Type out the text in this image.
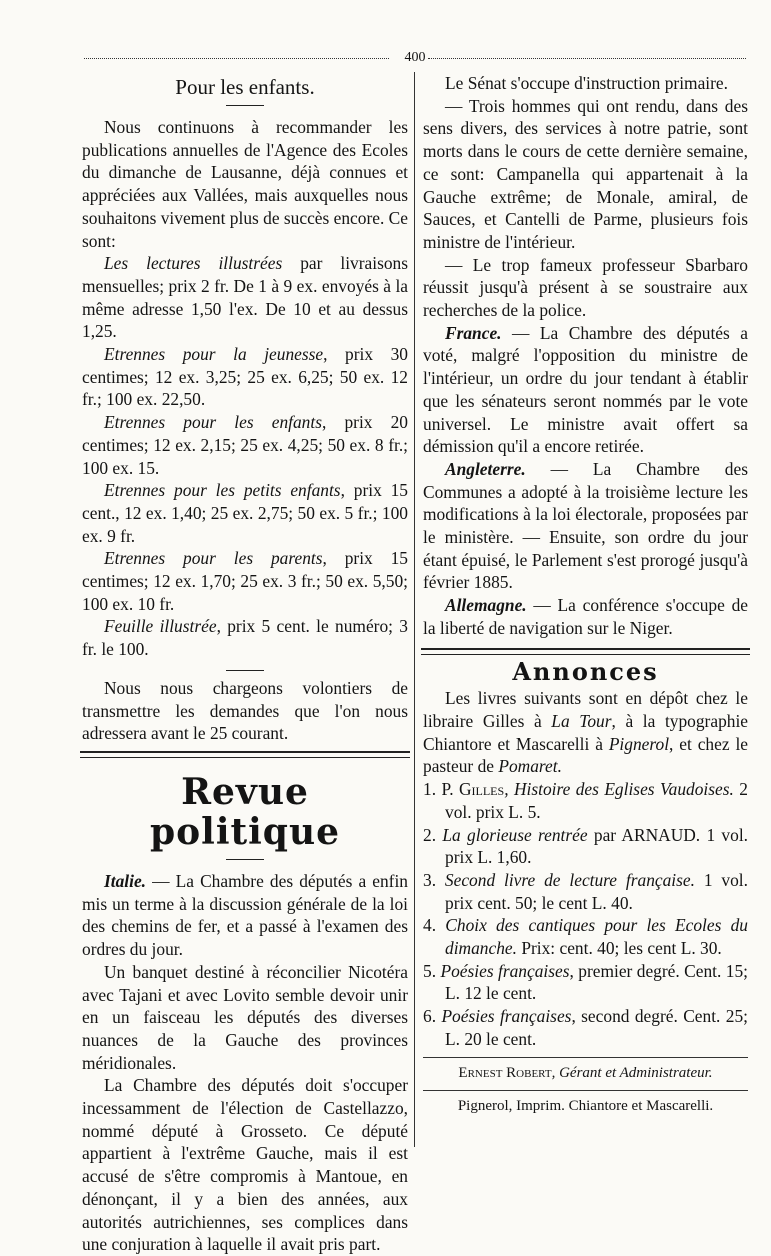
400
Pour les enfants.

Nous continuons à recommander les publications annuelles de l'Agence des Ecoles du dimanche de Lausanne, déjà connues et appréciées aux Vallées, mais auxquelles nous souhaitons vivement plus de succès encore. Ce sont:

Les lectures illustrées par livraisons mensuelles; prix 2 fr. De 1 à 9 ex. envoyés à la même adresse 1,50 l'ex. De 10 et au dessus 1,25.

Etrennes pour la jeunesse, prix 30 centimes; 12 ex. 3,25; 25 ex. 6,25; 50 ex. 12 fr.; 100 ex. 22,50.

Etrennes pour les enfants, prix 20 centimes; 12 ex. 2,15; 25 ex. 4,25; 50 ex. 8 fr.; 100 ex. 15.

Etrennes pour les petits enfants, prix 15 cent., 12 ex. 1,40; 25 ex. 2,75; 50 ex. 5 fr.; 100 ex. 9 fr.

Etrennes pour les parents, prix 15 centimes; 12 ex. 1,70; 25 ex. 3 fr.; 50 ex. 5,50; 100 ex. 10 fr.

Feuille illustrée, prix 5 cent. le numéro; 3 fr. le 100.

Nous nous chargeons volontiers de transmettre les demandes que l'on nous adressera avant le 25 courant.

Revue politique

Italie. — La Chambre des députés a enfin mis un terme à la discussion générale de la loi des chemins de fer, et a passé à l'examen des ordres du jour.

Un banquet destiné à réconcilier Nicotéra avec Tajani et avec Lovito semble devoir unir en un faisceau les députés des diverses nuances de la Gauche des provinces méridionales.

La Chambre des députés doit s'occuper incessamment de l'élection de Castellazzo, nommé député à Grosseto. Ce député appartient à l'extrême Gauche, mais il est accusé de s'être compromis à Mantoue, en dénonçant, il y a bien des années, aux autorités autrichiennes, ses complices dans une conjuration à laquelle il avait pris part.

Le Sénat s'occupe d'instruction primaire.

— Trois hommes qui ont rendu, dans des sens divers, des services à notre patrie, sont morts dans le cours de cette dernière semaine, ce sont: Campanella qui appartenait à la Gauche extrême; de Monale, amiral, de Sauces, et Cantelli de Parme, plusieurs fois ministre de l'intérieur.

— Le trop fameux professeur Sbarbaro réussit jusqu'à présent à se soustraire aux recherches de la police.

France. — La Chambre des députés a voté, malgré l'opposition du ministre de l'intérieur, un ordre du jour tendant à établir que les sénateurs seront nommés par le vote universel. Le ministre avait offert sa démission qu'il a encore retirée.

Angleterre. — La Chambre des Communes a adopté à la troisième lecture les modifications à la loi électorale, proposées par le ministère. — Ensuite, son ordre du jour étant épuisé, le Parlement s'est prorogé jusqu'à février 1885.

Allemagne. — La conférence s'occupe de la liberté de navigation sur le Niger.

Annonces

Les livres suivants sont en dépôt chez le libraire Gilles à La Tour, à la typographie Chiantore et Mascarelli à Pignerol, et chez le pasteur de Pomaret.

1. P. Gilles, Histoire des Eglises Vaudoises. 2 vol. prix L. 5.
2. La glorieuse rentrée par ARNAUD. 1 vol. prix L. 1,60.
3. Second livre de lecture française. 1 vol. prix cent. 50; le cent L. 40.
4. Choix des cantiques pour les Ecoles du dimanche. Prix: cent. 40; les cent L. 30.
5. Poésies françaises, premier degré. Cent. 15; L. 12 le cent.
6. Poésies françaises, second degré. Cent. 25; L. 20 le cent.
Ernest Robert, Gérant et Administrateur.
Pignerol, Imprim. Chiantore et Mascarelli.
